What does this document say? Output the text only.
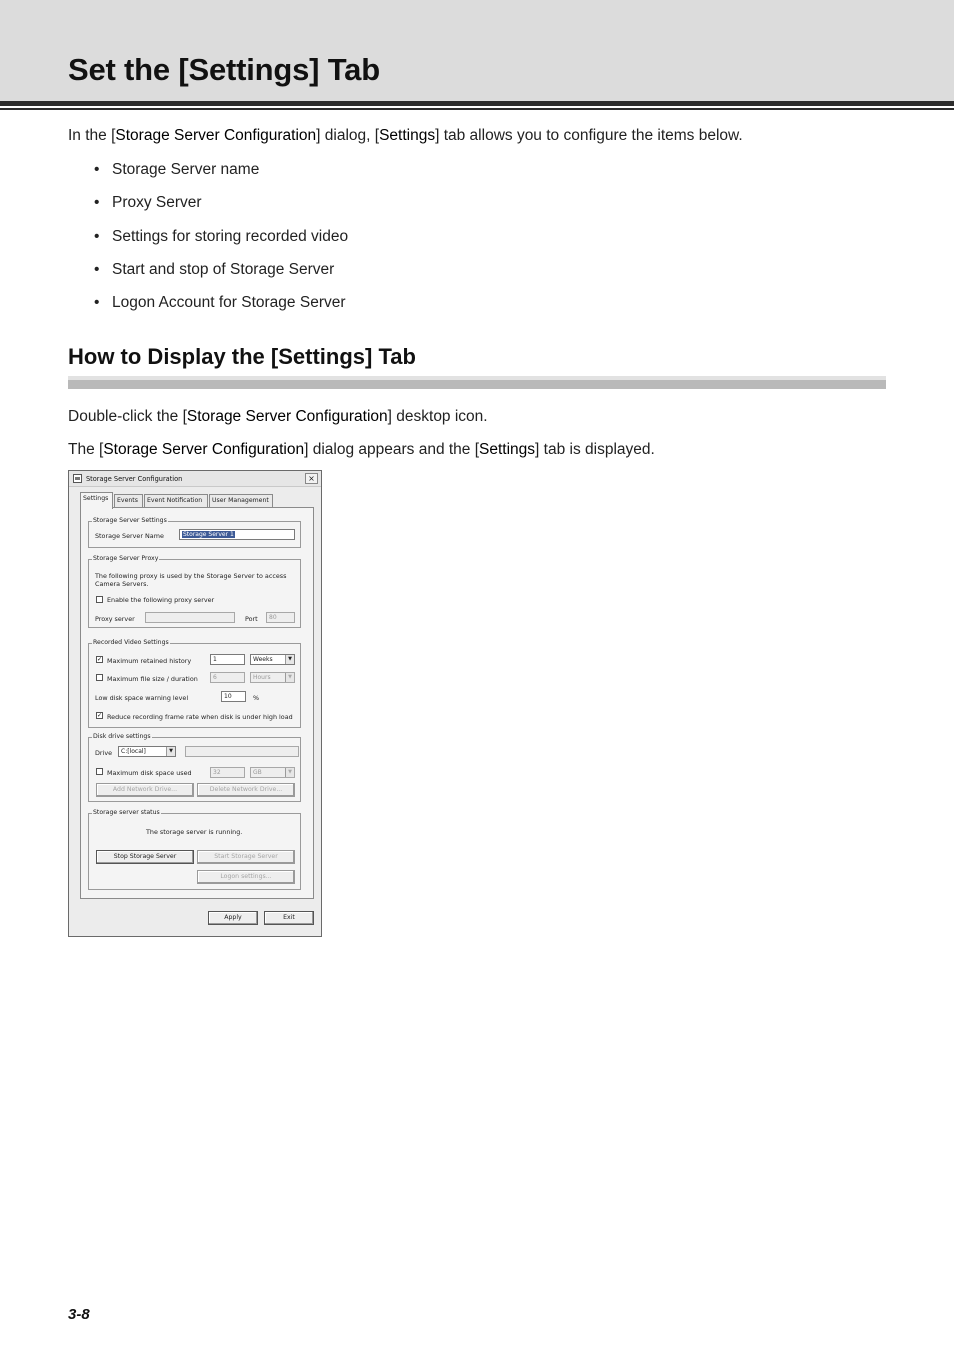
Set the [Settings] Tab

In the [Storage Server Configuration] dialog, [Settings] tab allows you to configure the items below.

• Storage Server name
• Proxy Server
• Settings for storing recorded video
• Start and stop of Storage Server
• Logon Account for Storage Server
How to Display the [Settings] Tab

Double-click the [Storage Server Configuration] desktop icon.

The [Storage Server Configuration] dialog appears and the [Settings] tab is displayed.

Storage Server Configuration	×
Settings	Events	Event Notification	User Management
Storage Server Settings
Storage Server Name	Storage Server 1
Storage Server Proxy
The following proxy is used by the Storage Server to access
Camera Servers.
Enable the following proxy server
Proxy server	Port	80
Recorded Video Settings
✓ Maximum retained history	1	Weeks	▼
Maximum file size / duration	6	Hours	▼
Low disk space warning level	10	%
✓ Reduce recording frame rate when disk is under high load
Disk drive settings
Drive	C:[local]	▼
Maximum disk space used	32	GB	▼
Add Network Drive...	Delete Network Drive...
Storage server status
The storage server is running.
Stop Storage Server	Start Storage Server
Logon settings...
Apply	Exit
3-8
